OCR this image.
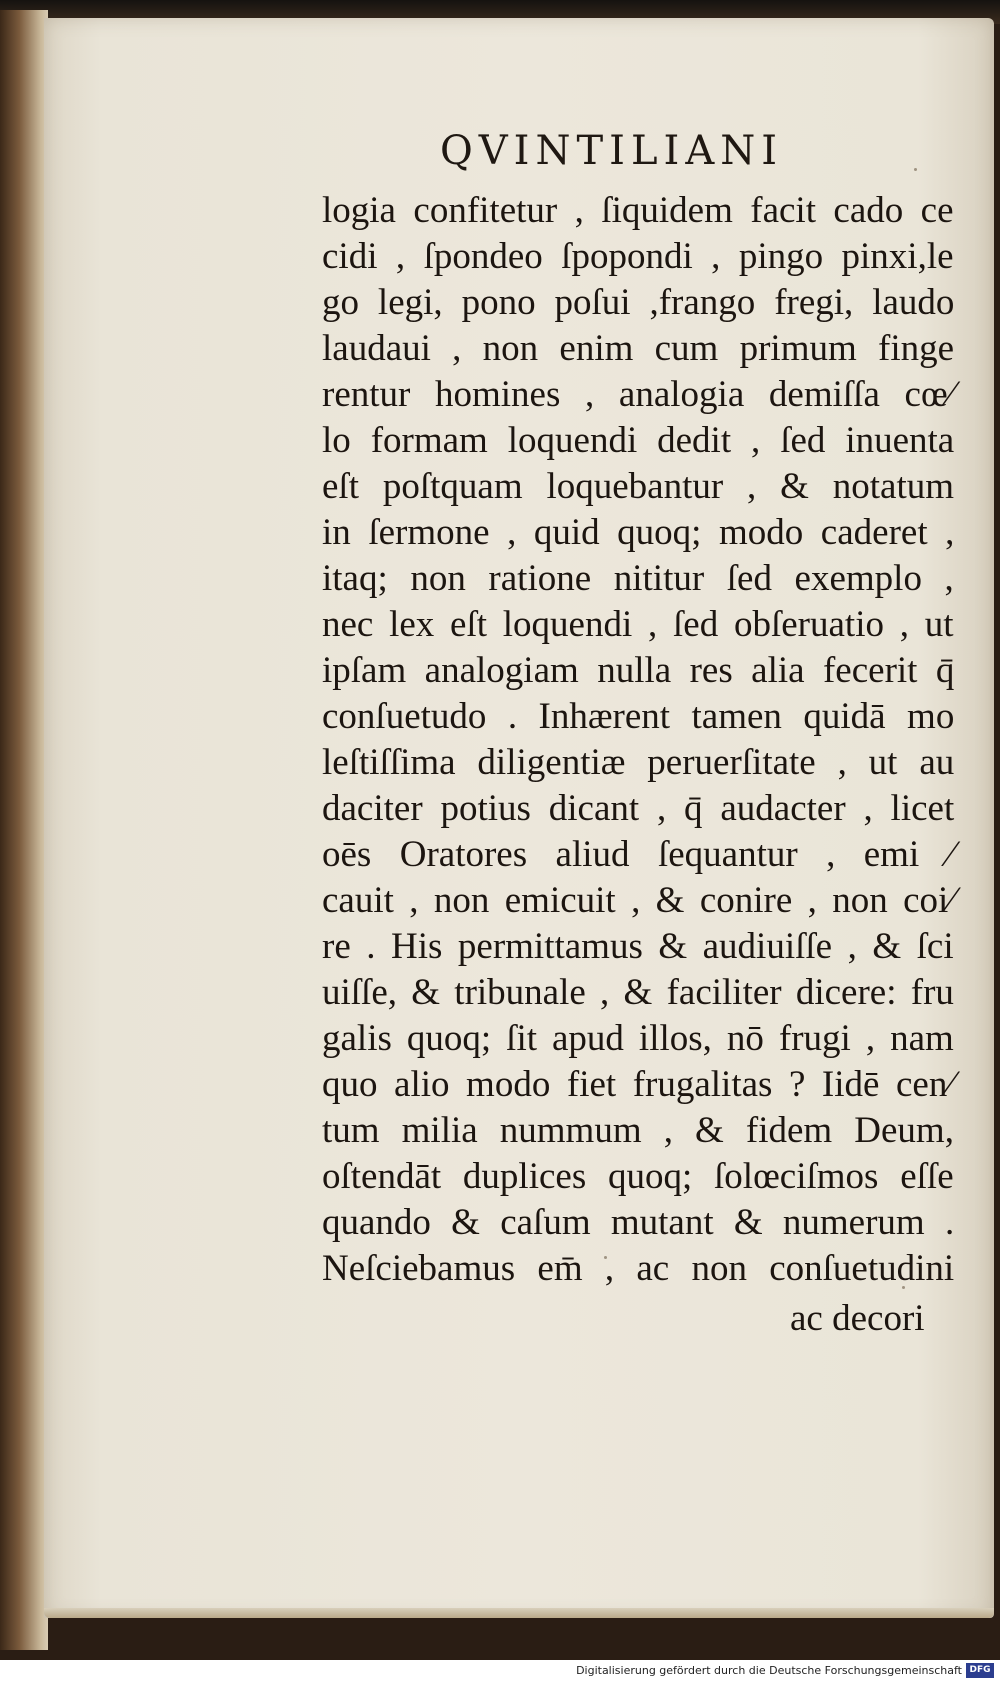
QVINTILIANI
logia confitetur , ſiquidem facit cado ce
cidi , ſpondeo ſpopondi , pingo pinxi,le
go legi, pono poſui ,frango fregi, laudo
laudaui , non enim cum primum finge
rentur homines , analogia demiſſa cœ⁄
lo formam loquendi dedit , ſed inuenta
eſt poſtquam loquebantur , & notatum
in ſermone , quid quoq; modo caderet ,
itaq; non ratione nititur ſed exemplo ,
nec lex eſt loquendi , ſed obſeruatio , ut
ipſam analogiam nulla res alia fecerit q̄
conſuetudo . Inhærent tamen quidā mo
leſtiſſima diligentiæ peruerſitate , ut au
daciter potius dicant , q̄ audacter , licet
oēs Oratores aliud ſequantur , emi ⁄
cauit , non emicuit , & conire , non coi⁄
re . His permittamus & audiuiſſe , & ſci
uiſſe, & tribunale , & faciliter dicere: fru
galis quoq; ſit apud illos, nō frugi , nam
quo alio modo fiet frugalitas ? Iidē cen⁄
tum milia nummum , & fidem Deum,
oſtendāt duplices quoq; ſolœciſmos eſſe
quando & caſum mutant & numerum .
Neſciebamus em̄ , ac non conſuetudini

ac decori

Digitalisierung gefördert durch die Deutsche Forschungsgemeinschaft DFG
